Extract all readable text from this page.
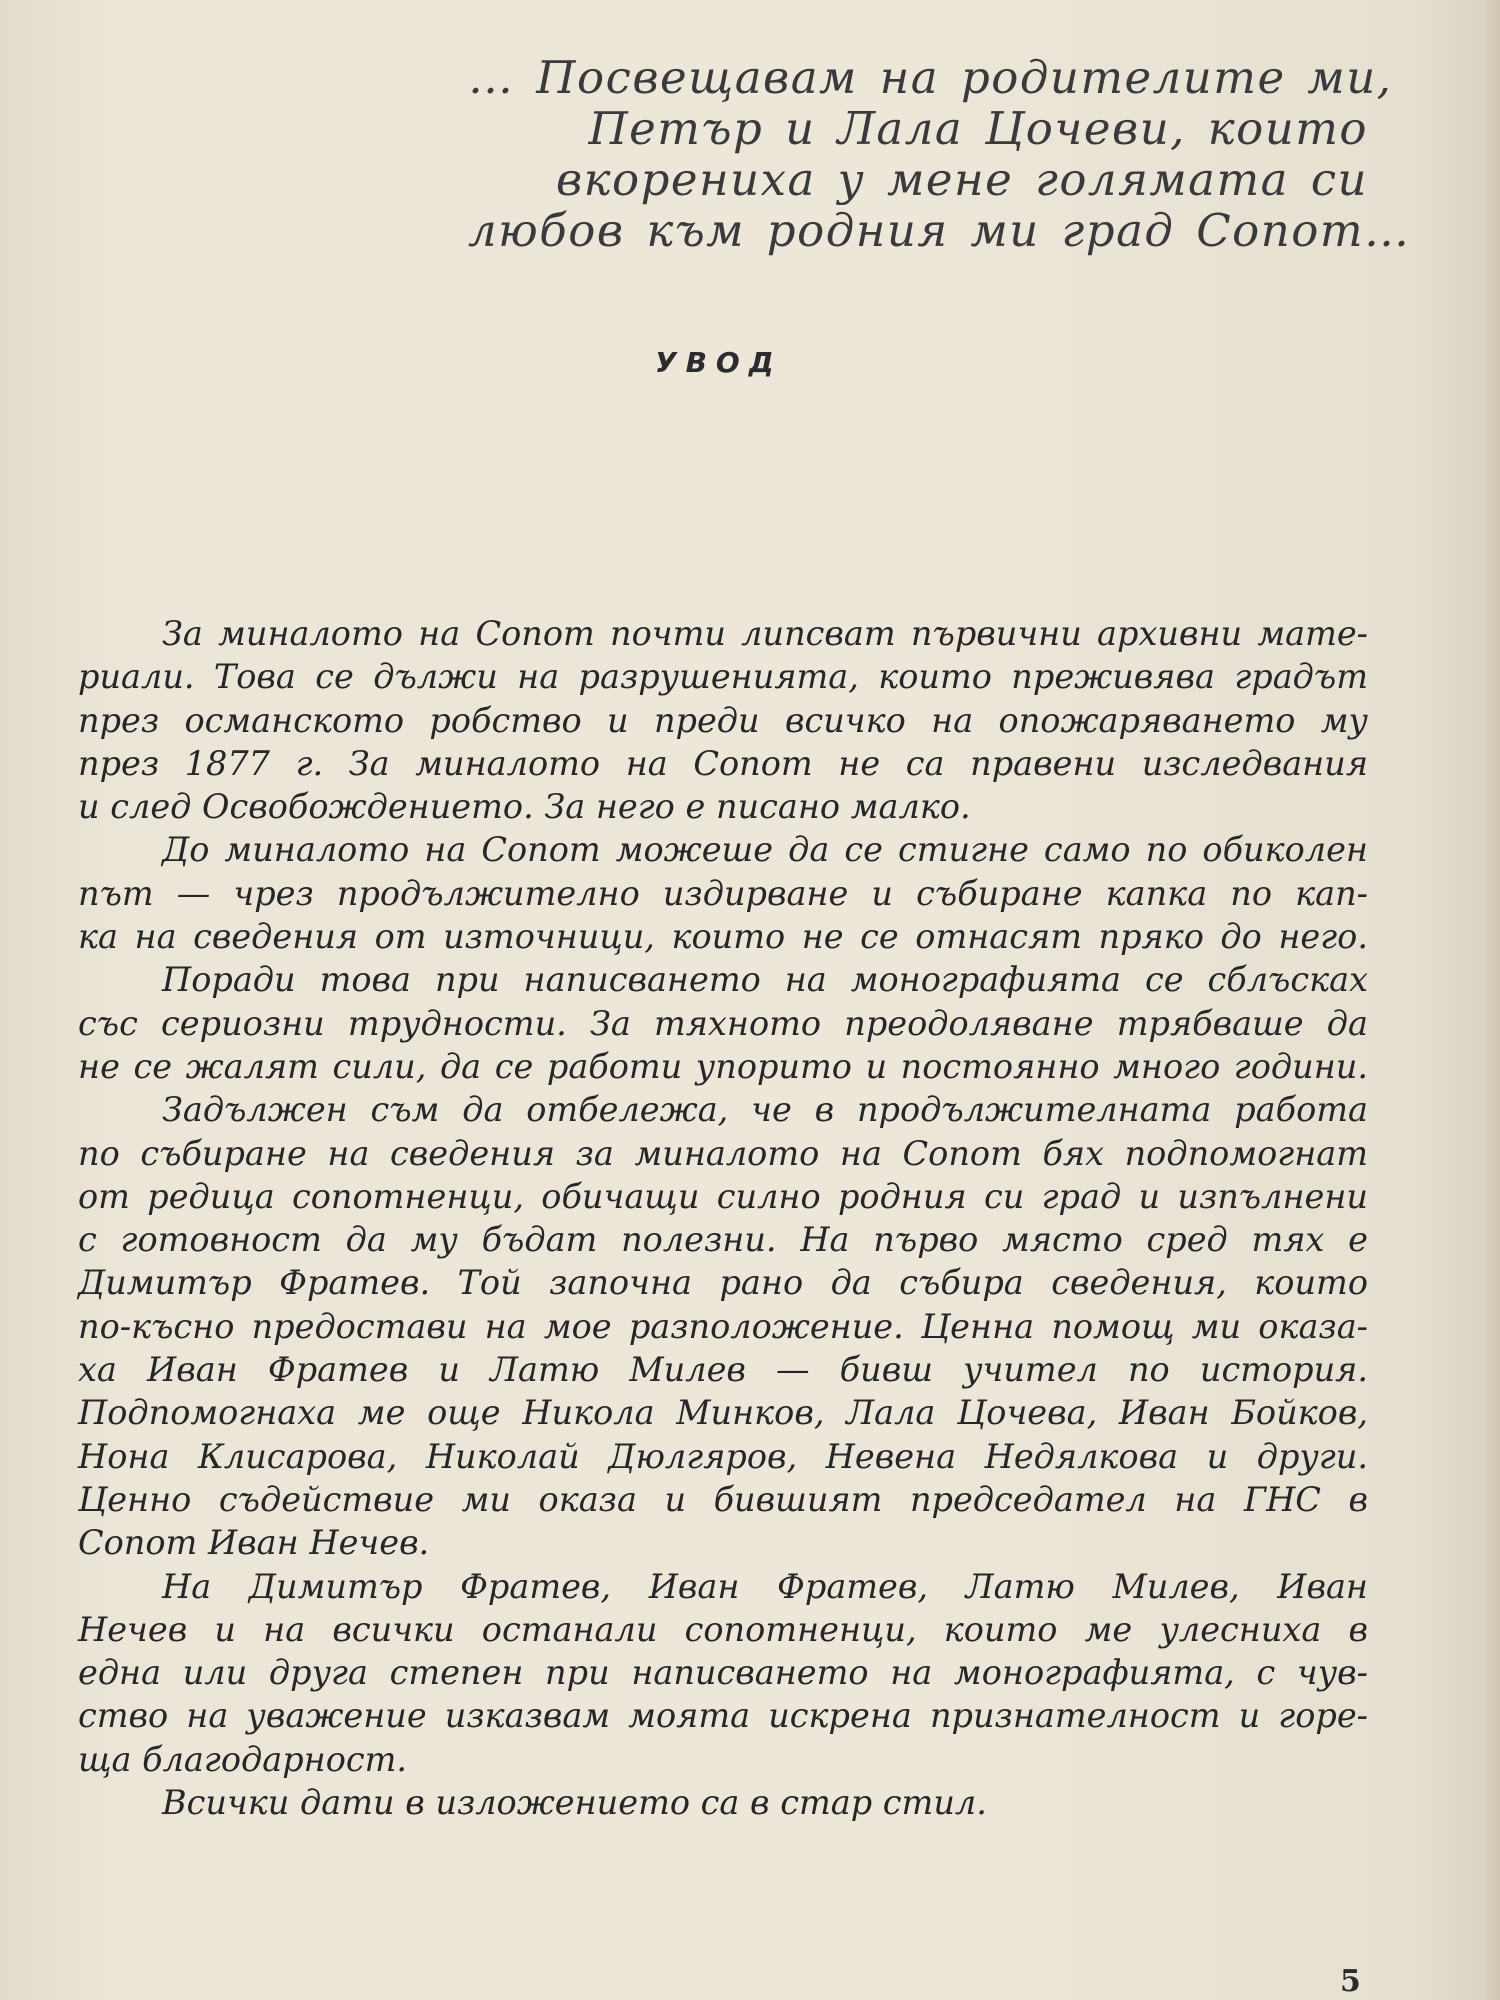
… Посвещавам на родителите ми,
Петър и Лала Цочеви, които
вкорениха у мене голямата си
любов към родния ми град Сопот…
УВОД
За миналото на Сопот почти липсват първични архивни мате-
риали. Това се дължи на разрушенията, които преживява градът
през османското робство и преди всичко на опожаряването му
през 1877 г. За миналото на Сопот не са правени изследвания
и след Освобождението. За него е писано малко.
До миналото на Сопот можеше да се стигне само по обиколен
път — чрез продължително издирване и събиране капка по кап-
ка на сведения от източници, които не се отнасят пряко до него.
Поради това при написването на монографията се сблъсках
със сериозни трудности. За тяхното преодоляване трябваше да
не се жалят сили, да се работи упорито и постоянно много години.
Задължен съм да отбележа, че в продължителната работа
по събиране на сведения за миналото на Сопот бях подпомогнат
от редица сопотненци, обичащи силно родния си град и изпълнени
с готовност да му бъдат полезни. На първо място сред тях е
Димитър Фратев. Той започна рано да събира сведения, които
по-късно предостави на мое разположение. Ценна помощ ми оказа-
ха Иван Фратев и Латю Милев — бивш учител по история.
Подпомогнаха ме още Никола Минков, Лала Цочева, Иван Бойков,
Нона Клисарова, Николай Дюлгяров, Невена Недялкова и други.
Ценно съдействие ми оказа и бившият председател на ГНС в
Сопот Иван Нечев.
На Димитър Фратев, Иван Фратев, Латю Милев, Иван
Нечев и на всички останали сопотненци, които ме улесниха в
една или друга степен при написването на монографията, с чув-
ство на уважение изказвам моята искрена признателност и горе-
ща благодарност.
Всички дати в изложението са в стар стил.
5
